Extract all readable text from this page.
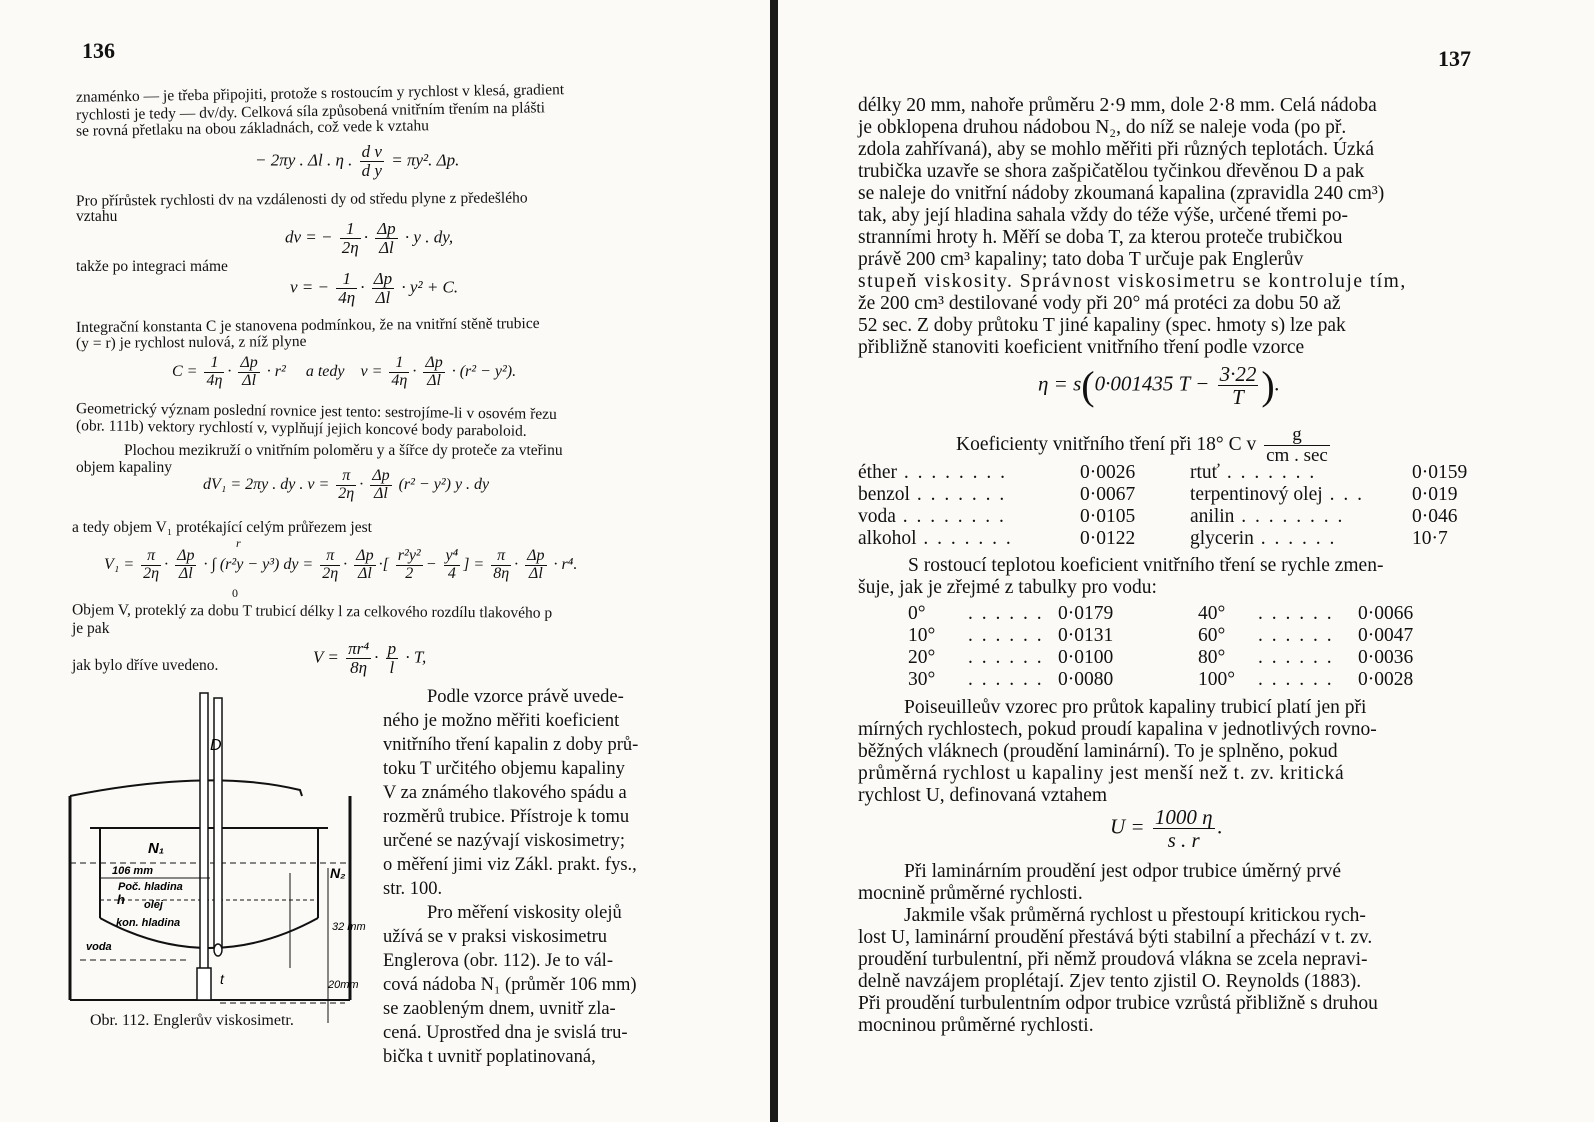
136
znaménko — je třeba připojiti, protože s rostoucím y rychlost v klesá, gradient
rychlosti je tedy — dv/dy. Celková síla způsobená vnitřním třením na plášti
se rovná přetlaku na obou základnách, což vede k vztahu
− 2πy . Δl . η . $\frac{\text{d v}}{\text{d y}} = \pi y^2$. Δp.
Pro přírůstek rychlosti dv na vzdálenosti dy od středu plyne z předešlého
vztahu
dv = − $\frac{1}{2\eta} \cdot \frac{\Delta p}{\Delta l} \cdot y$ . dy,
takže po integraci máme
v = − $\frac{1}{4\eta} \cdot \frac{\Delta p}{\Delta l} \cdot y^2 + C$.
Integrační konstanta C je stanovena podmínkou, že na vnitřní stěně trubice
(y = r) je rychlost nulová, z níž plyne
$C = \frac{1}{4\eta} \cdot \frac{\Delta p}{\Delta l} \cdot r^2$     a tedy    $v = \frac{1}{4\eta} \cdot \frac{\Delta p}{\Delta l} \cdot (r^2 - y^2)$.
Geometrický význam poslední rovnice jest tento: sestrojíme-li v osovém řezu
(obr. 111b) vektory rychlostí v, vyplňují jejich koncové body paraboloid.
Plochou mezikruží o vnitřním poloměru y a šířce dy proteče za vteřinu
objem kapaliny
dV₁ = 2πy . dy . $v = \frac{\pi}{2\eta} \cdot \frac{\Delta p}{\Delta l} (r^2 - y^2)$ y . dy
a tedy objem V₁ protékající celým průřezem jest
$V_1 = \frac{\pi}{2\eta} \cdot \frac{\Delta p}{\Delta l}$ · ∫ (r²y − y³) dy = $\frac{\pi}{2\eta} \cdot \frac{\Delta p}{\Delta l}$ ·[ $\frac{\text{r²y²}}{2} - \frac{\text{y⁴}}{4}$ ] = $\frac{\pi}{8\eta} \cdot \frac{\Delta p}{\Delta l} \cdot r^4$.
r
0
Objem V, proteklý za dobu T trubicí délky l za celkového rozdílu tlakového p
je pak
jak bylo dříve uvedeno.	$V = \frac{\text{πr⁴}}{8\eta} \cdot \frac{p}{l} \cdot T$,
Podle vzorce právě uvede-
ného je možno měřiti koeficient
vnitřního tření kapalin z doby prů-
toku T určitého objemu kapaliny
V za známého tlakového spádu a
rozměrů trubice. Přístroje k tomu
určené se nazývají viskosimetry;
o měření jimi viz Zákl. prakt. fys.,
str. 100.
Pro měření viskosity olejů
užívá se v praksi viskosimetru
Englerova (obr. 112). Je to vál-
cová nádoba N₁ (průměr 106 mm)
se zaobleným dnem, uvnitř zla-
cená. Uprostřed dna je svislá tru-
bička t uvnitř poplatinovaná,
D
N₁
106 mm
Poč. hladina
h olej
kon. hladina
voda
N₂
32 mm
t	20mm
Obr. 112. Englerův viskosimetr.
137
délky 20 mm, nahoře průměru 2·9 mm, dole 2·8 mm. Celá nádoba
je obklopena druhou nádobou N₂, do níž se naleje voda (po př.
zdola zahřívaná), aby se mohlo měřiti při různých teplotách. Úzká
trubička uzavře se shora zašpičatělou tyčinkou dřevěnou D a pak
se naleje do vnitřní nádoby zkoumaná kapalina (zpravidla 240 cm³)
tak, aby její hladina sahala vždy do téže výše, určené třemi po-
stranními hroty h. Měří se doba T, za kterou proteče trubičkou
právě 200 cm³ kapaliny; tato doba T určuje pak Englerův
stupeň viskosity. Správnost viskosimetru se kontroluje tím,
že 200 cm³ destilované vody při 20° má protéci za dobu 50 až
52 sec. Z doby průtoku T jiné kapaliny (spec. hmoty s) lze pak
přibližně stanoviti koeficient vnitřního tření podle vzorce
η = s(0·001435 $T - \frac{3\cdot 22}{T}$ ).
Koeficienty vnitřního tření při 18° C v $\frac{g}{cm . \sec}$
éther . . . . . . . .	0·0026	rtuť . . . . . . .	0·0159
benzol . . . . . . .	0·0067	terpentinový olej . . .	0·019
voda . . . . . . . .	0·0105	anilin . . . . . . . .	0·046
alkohol . . . . . . .	0·0122	glycerin . . . . . .	10·7
S rostoucí teplotou koeficient vnitřního tření se rychle zmen-
šuje, jak je zřejmé z tabulky pro vodu:
0°	. . . . . .	0·0179	40°	. . . . . .	0·0066
10°	. . . . . .	0·0131	60°	. . . . . .	0·0047
20°	. . . . . .	0·0100	80°	. . . . . .	0·0036
30°	. . . . . .	0·0080	100°	. . . . . .	0·0028
Poiseuilleův vzorec pro průtok kapaliny trubicí platí jen při
mírných rychlostech, pokud proudí kapalina v jednotlivých rovno-
běžných vláknech (proudění laminární). To je splněno, pokud
průměrná rychlost u kapaliny jest menší než t. zv. kritická
rychlost U, definovaná vztahem
$U = \frac{1000 \eta}{s . r}$ .
Při laminárním proudění jest odpor trubice úměrný prvé
mocnině průměrné rychlosti.
Jakmile však průměrná rychlost u přestoupí kritickou rych-
lost U, laminární proudění přestává býti stabilní a přechází v t. zv.
proudění turbulentní, při němž proudová vlákna se zcela nepravi-
delně navzájem proplétají. Zjev tento zjistil O. Reynolds (1883).
Při proudění turbulentním odpor trubice vzrůstá přibližně s druhou
mocninou průměrné rychlosti.
